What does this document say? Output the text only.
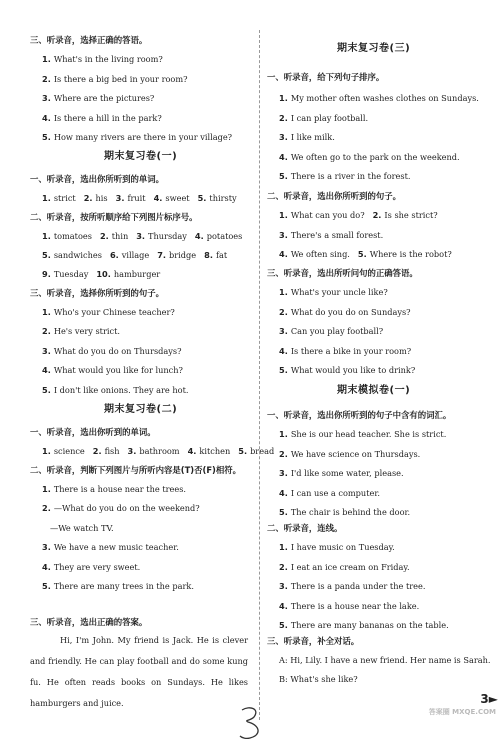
三、听录音，选择正确的答语。
1. What's in the living room?
2. Is there a big bed in your room?
3. Where are the pictures?
4. Is there a hill in the park?
5. How many rivers are there in your village?
期末复习卷(一)
一、听录音，选出你所听到的单词。
1. strict 2. his 3. fruit 4. sweet 5. thirsty
二、听录音，按所听顺序给下列图片标序号。
1. tomatoes 2. thin 3. Thursday 4. potatoes
5. sandwiches 6. village 7. bridge 8. fat
9. Tuesday 10. hamburger
三、听录音，选择你所听到的句子。
1. Who's your Chinese teacher?
2. He's very strict.
3. What do you do on Thursdays?
4. What would you like for lunch?
5. I don't like onions. They are hot.
期末复习卷(二)
一、听录音，选出你听到的单词。
1. science 2. fish 3. bathroom 4. kitchen 5. bread
二、听录音，判断下列图片与所听内容是(T)否(F)相符。
1. There is a house near the trees.
2. —What do you do on the weekend?
—We watch TV.
3. We have a new music teacher.
4. They are very sweet.
5. There are many trees in the park.
三、听录音，选出正确的答案。
Hi, I'm John. My friend is Jack. He is clever and friendly. He can play football and do some kung fu. He often reads books on Sundays. He likes hamburgers and juice.
期末复习卷(三)
一、听录音，给下列句子排序。
1. My mother often washes clothes on Sundays.
2. I can play football.
3. I like milk.
4. We often go to the park on the weekend.
5. There is a river in the forest.
二、听录音，选出你所听到的句子。
1. What can you do? 2. Is she strict?
3. There's a small forest.
4. We often sing. 5. Where is the robot?
三、听录音，选出所听问句的正确答语。
1. What's your uncle like?
2. What do you do on Sundays?
3. Can you play football?
4. Is there a bike in your room?
5. What would you like to drink?
期末模拟卷(一)
一、听录音，选出你所听到的句子中含有的词汇。
1. She is our head teacher. She is strict.
2. We have science on Thursdays.
3. I'd like some water, please.
4. I can use a computer.
5. The chair is behind the door.
二、听录音，连线。
1. I have music on Tuesday.
2. I eat an ice cream on Friday.
3. There is a panda under the tree.
4. There is a house near the lake.
5. There are many bananas on the table.
三、听录音，补全对话。
A: Hi, Lily. I have a new friend. Her name is Sarah.
B: What's she like?
3►
答案圈 MXQE.COM
